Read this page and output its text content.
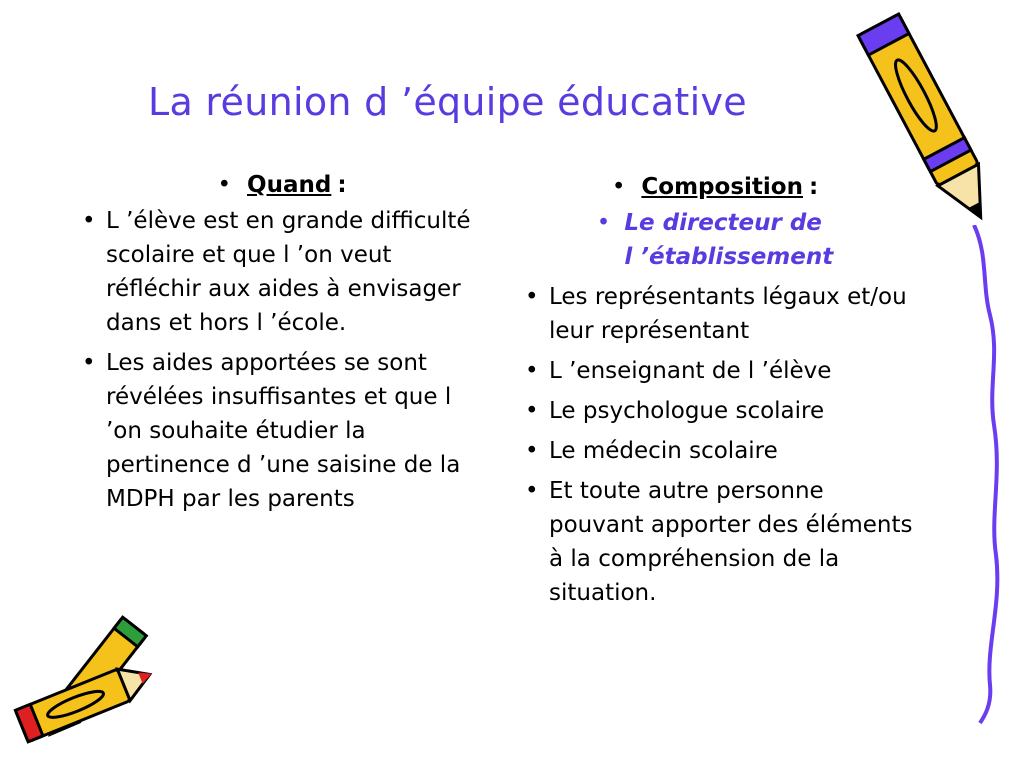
La réunion d ’équipe éducative
• Quand :
• L ’élève est en grande difficulté scolaire et que l ’on veut réfléchir aux aides à envisager dans et hors l ’école.
• Les aides apportées se sont révélées insuffisantes et que l ’on souhaite étudier la pertinence d ’une saisine de la MDPH par les parents
• Composition :
• Le directeur de
l ’établissement
• Les représentants légaux et/ou leur représentant
• L ’enseignant de l ’élève
• Le psychologue scolaire
• Le médecin scolaire
• Et toute autre personne pouvant apporter des éléments à la compréhension de la situation.
